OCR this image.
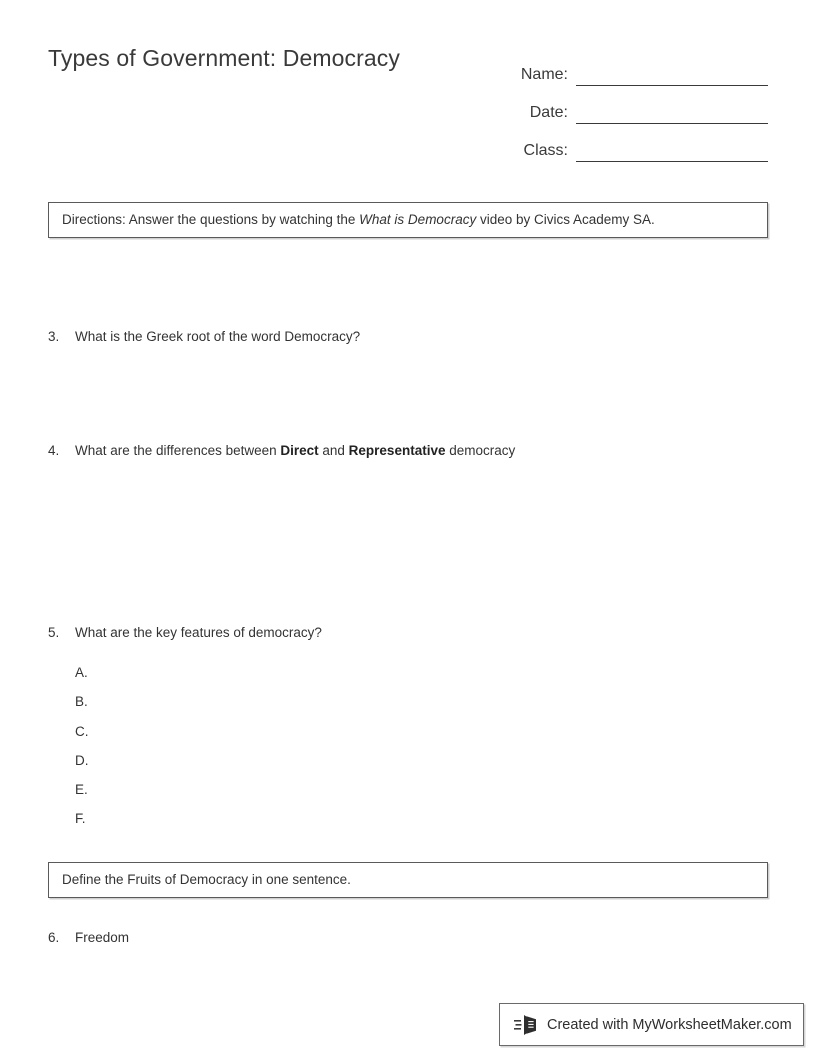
Types of Government: Democracy
Name:
Date:
Class:
Directions: Answer the questions by watching the What is Democracy video by Civics Academy SA.
3.	What is the Greek root of the word Democracy?
4.	What are the differences between Direct and Representative democracy
5.	What are the key features of democracy?
A.
B.
C.
D.
E.
F.
Define the Fruits of Democracy in one sentence.
6.	Freedom
Created with MyWorksheetMaker.com
